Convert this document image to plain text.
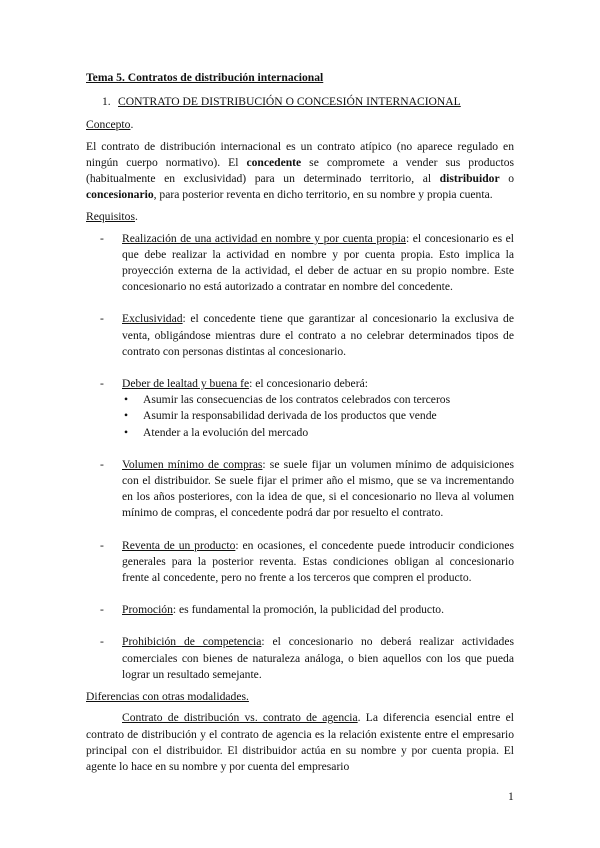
Tema 5. Contratos de distribución internacional

1. CONTRATO DE DISTRIBUCIÓN O CONCESIÓN INTERNACIONAL

Concepto.

El contrato de distribución internacional es un contrato atípico (no aparece regulado en ningún cuerpo normativo). El concedente se compromete a vender sus productos (habitualmente en exclusividad) para un determinado territorio, al distribuidor o concesionario, para posterior reventa en dicho territorio, en su nombre y propia cuenta.

Requisitos.

- Realización de una actividad en nombre y por cuenta propia: el concesionario es el que debe realizar la actividad en nombre y por cuenta propia. Esto implica la proyección externa de la actividad, el deber de actuar en su propio nombre. Este concesionario no está autorizado a contratar en nombre del concedente.
- Exclusividad: el concedente tiene que garantizar al concesionario la exclusiva de venta, obligándose mientras dure el contrato a no celebrar determinados tipos de contrato con personas distintas al concesionario.
- Deber de lealtad y buena fe: el concesionario deberá:
• Asumir las consecuencias de los contratos celebrados con terceros
• Asumir la responsabilidad derivada de los productos que vende
• Atender a la evolución del mercado
- Volumen mínimo de compras: se suele fijar un volumen mínimo de adquisiciones con el distribuidor. Se suele fijar el primer año el mismo, que se va incrementando en los años posteriores, con la idea de que, si el concesionario no lleva al volumen mínimo de compras, el concedente podrá dar por resuelto el contrato.
- Reventa de un producto: en ocasiones, el concedente puede introducir condiciones generales para la posterior reventa. Estas condiciones obligan al concesionario frente al concedente, pero no frente a los terceros que compren el producto.
- Promoción: es fundamental la promoción, la publicidad del producto.
- Prohibición de competencia: el concesionario no deberá realizar actividades comerciales con bienes de naturaleza análoga, o bien aquellos con los que pueda lograr un resultado semejante.

Diferencias con otras modalidades.

Contrato de distribución vs. contrato de agencia. La diferencia esencial entre el contrato de distribución y el contrato de agencia es la relación existente entre el empresario principal con el distribuidor. El distribuidor actúa en su nombre y por cuenta propia. El agente lo hace en su nombre y por cuenta del empresario

1
